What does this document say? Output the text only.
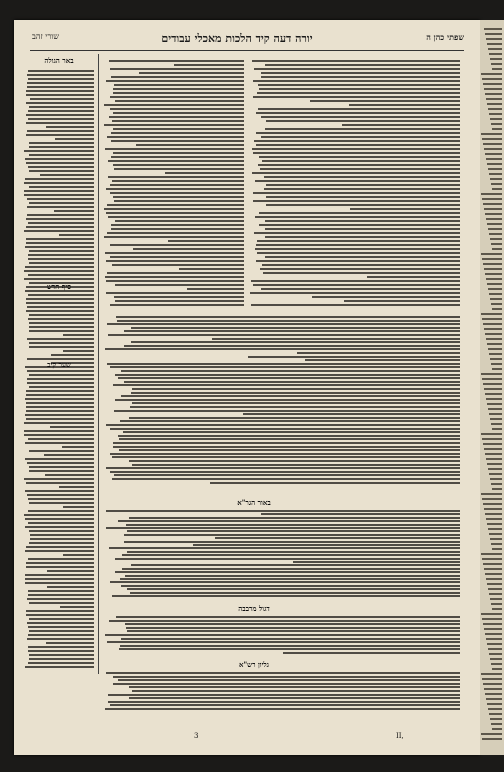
שורי זהב	יורה דעה קיד הלכות מאכלי עבודים	שפתי כהן ה
באר הגולה
סיף חדש
שער קיב
באור הגר"א
דגול מרבבה
גליון רש"א
3	II,
